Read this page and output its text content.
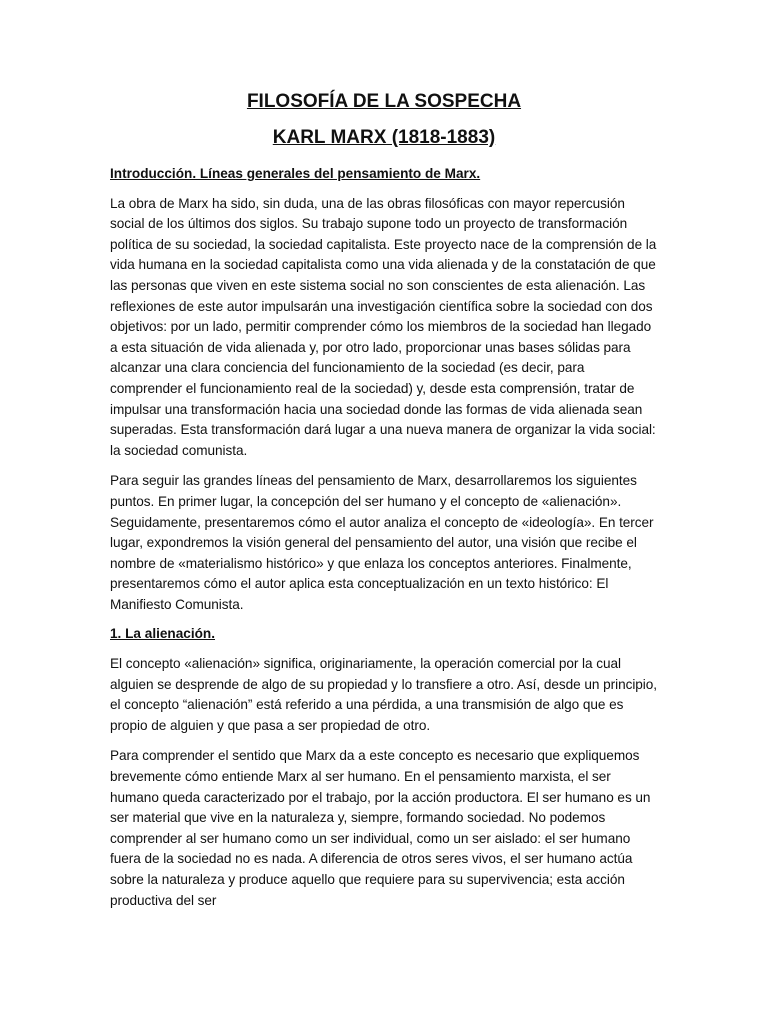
FILOSOFÍA DE LA SOSPECHA
KARL MARX (1818-1883)
Introducción. Líneas generales del pensamiento de Marx.

La obra de Marx ha sido, sin duda, una de las obras filosóficas con mayor repercusión social de los últimos dos siglos. Su trabajo supone todo un proyecto de transformación política de su sociedad, la sociedad capitalista. Este proyecto nace de la comprensión de la vida humana en la sociedad capitalista como una vida alienada y de la constatación de que las personas que viven en este sistema social no son conscientes de esta alienación. Las reflexiones de este autor impulsarán una investigación científica sobre la sociedad con dos objetivos: por un lado, permitir comprender cómo los miembros de la sociedad han llegado a esta situación de vida alienada y, por otro lado, proporcionar unas bases sólidas para alcanzar una clara conciencia del funcionamiento de la sociedad (es decir, para comprender el funcionamiento real de la sociedad) y, desde esta comprensión, tratar de impulsar una transformación hacia una sociedad donde las formas de vida alienada sean superadas. Esta transformación dará lugar a una nueva manera de organizar la vida social: la sociedad comunista.

Para seguir las grandes líneas del pensamiento de Marx, desarrollaremos los siguientes puntos. En primer lugar, la concepción del ser humano y el concepto de «alienación». Seguidamente, presentaremos cómo el autor analiza el concepto de «ideología». En tercer lugar, expondremos la visión general del pensamiento del autor, una visión que recibe el nombre de «materialismo histórico» y que enlaza los conceptos anteriores. Finalmente, presentaremos cómo el autor aplica esta conceptualización en un texto histórico: El Manifiesto Comunista.

1. La alienación.

El concepto «alienación» significa, originariamente, la operación comercial por la cual alguien se desprende de algo de su propiedad y lo transfiere a otro. Así, desde un principio, el concepto “alienación” está referido a una pérdida, a una transmisión de algo que es propio de alguien y que pasa a ser propiedad de otro.

Para comprender el sentido que Marx da a este concepto es necesario que expliquemos brevemente cómo entiende Marx al ser humano. En el pensamiento marxista, el ser humano queda caracterizado por el trabajo, por la acción productora. El ser humano es un ser material que vive en la naturaleza y, siempre, formando sociedad. No podemos comprender al ser humano como un ser individual, como un ser aislado: el ser humano fuera de la sociedad no es nada. A diferencia de otros seres vivos, el ser humano actúa sobre la naturaleza y produce aquello que requiere para su supervivencia; esta acción productiva del ser
